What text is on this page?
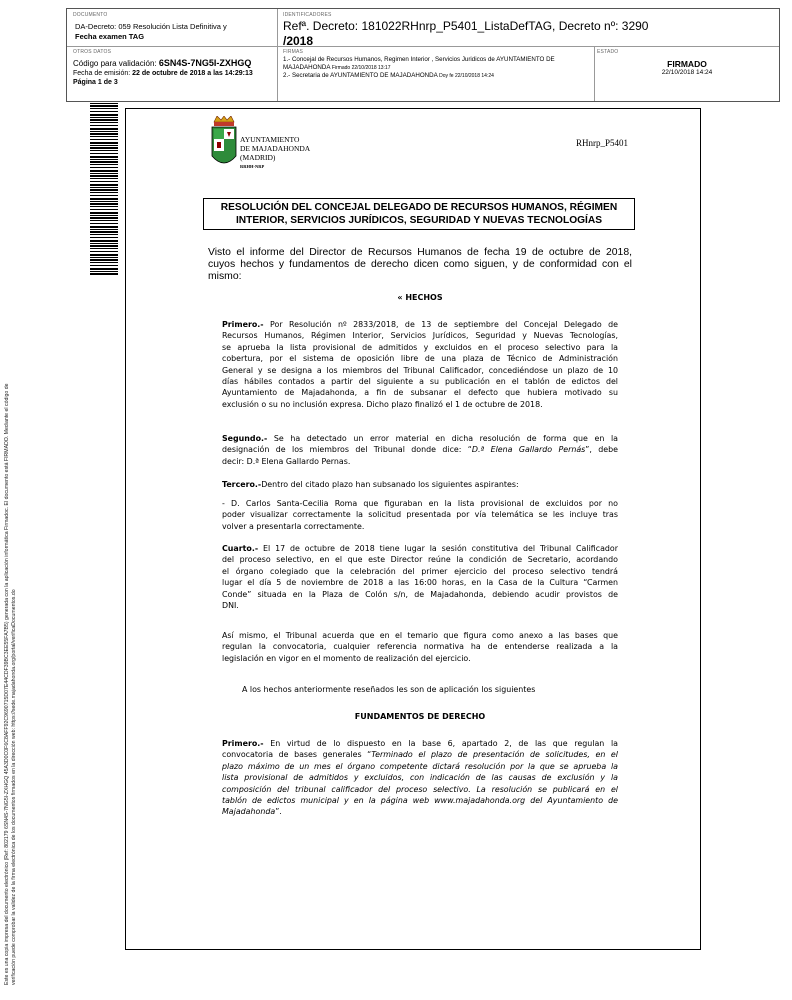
DOCUMENTO
DA-Decreto: 059 Resolución Lista Definitiva y
Fecha examen TAG
IDENTIFICADORES
Refª. Decreto: 181022RHnrp_P5401_ListaDefTAG, Decreto nº: 3290
/2018
OTROS DATOS
Código para validación: 6SN4S-7NG5I-ZXHGQ
Fecha de emisión: 22 de octubre de 2018 a las 14:29:13
Página 1 de 3
FIRMAS
1.- Concejal de Recursos Humanos, Regimen Interior , Servicios Juridicos de AYUNTAMIENTO DE
MAJADAHONDA Firmado 22/10/2018 13:17
2.- Secretaria de AYUNTAMIENTO DE MAJADAHONDA Doy fe 22/10/2018 14:24
ESTADO
FIRMADO
22/10/2018 14:24
Este es una copia impresa del documento electrónico (Ref: 802179 6SN4S-7NG5I-ZXHGQ 45A3D0C0F6C8AFF92C9690715D07E44CDF39BC3EE55FA7B5) generada con la aplicación informática Firmadoc. El documento está FIRMADO. Mediante el código de verificación puede comprobar la validez de la firma electrónica de los documentos firmados en la dirección web: https://sede.majadahonda.org/portal/verificaDocumentos.do
AYUNTAMIENTO
DE MAJADAHONDA
(MADRID)
RRHH-NRP
RHnrp_P5401
RESOLUCIÓN DEL CONCEJAL DELEGADO DE RECURSOS HUMANOS, RÉGIMEN
INTERIOR, SERVICIOS JURÍDICOS, SEGURIDAD Y NUEVAS TECNOLOGÍAS
Visto el informe del Director de Recursos Humanos de fecha 19 de octubre de 2018,
cuyos hechos y fundamentos de derecho dicen como siguen, y de conformidad con el
mismo:
« HECHOS
Primero.- Por Resolución nº 2833/2018, de 13 de septiembre del Concejal Delegado de
Recursos Humanos, Régimen Interior, Servicios Jurídicos, Seguridad y Nuevas Tecnologías,
se aprueba la lista provisional de admitidos y excluidos en el proceso selectivo para la
cobertura, por el sistema de oposición libre de una plaza de Técnico de Administración
General y se designa a los miembros del Tribunal Calificador, concediéndose un plazo de 10
días hábiles contados a partir del siguiente a su publicación en el tablón de edictos del
Ayuntamiento de Majadahonda, a fin de subsanar el defecto que hubiera motivado su
exclusión o su no inclusión expresa. Dicho plazo finalizó el 1 de octubre de 2018.
Segundo.- Se ha detectado un error material en dicha resolución de forma que en la
designación de los miembros del Tribunal donde dice: “D.ª Elena Gallardo Pernás”, debe
decir: D.ª Elena Gallardo Pernas.
Tercero.-Dentro del citado plazo han subsanado los siguientes aspirantes:
- D. Carlos Santa-Cecilia Roma que figuraban en la lista provisional de excluidos por no
poder visualizar correctamente la solicitud presentada por vía telemática se les incluye tras
volver a presentarla correctamente.
Cuarto.- El 17 de octubre de 2018 tiene lugar la sesión constitutiva del Tribunal Calificador
del proceso selectivo, en el que este Director reúne la condición de Secretario, acordando
el órgano colegiado que la celebración del primer ejercicio del proceso selectivo tendrá
lugar el día 5 de noviembre de 2018 a las 16:00 horas, en la Casa de la Cultura “Carmen
Conde” situada en la Plaza de Colón s/n, de Majadahonda, debiendo acudir provistos de
DNI.
Así mismo, el Tribunal acuerda que en el temario que figura como anexo a las bases que
regulan la convocatoria, cualquier referencia normativa ha de entenderse realizada a la
legislación en vigor en el momento de realización del ejercicio.
A los hechos anteriormente reseñados les son de aplicación los siguientes
FUNDAMENTOS DE DERECHO
Primero.- En virtud de lo dispuesto en la base 6, apartado 2, de las que regulan la
convocatoria de bases generales “Terminado el plazo de presentación de solicitudes, en el
plazo máximo de un mes el órgano competente dictará resolución por la que se aprueba la
lista provisional de admitidos y excluidos, con indicación de las causas de exclusión y la
composición del tribunal calificador del proceso selectivo. La resolución se publicará en el
tablón de edictos municipal y en la página web www.majadahonda.org del Ayuntamiento de
Majadahonda”.
